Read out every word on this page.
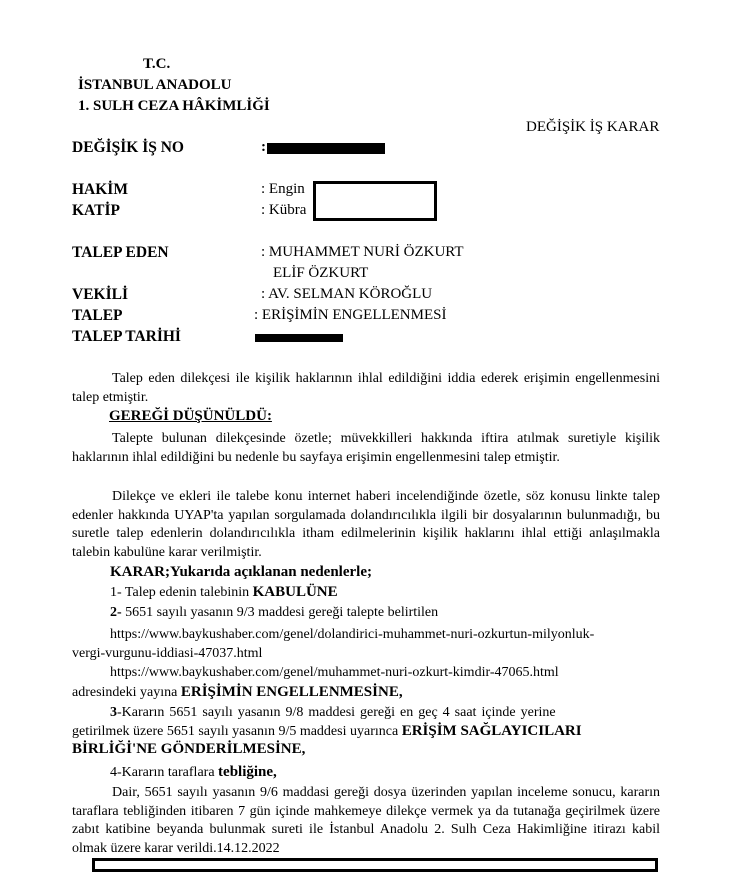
T.C.
İSTANBUL ANADOLU
1. SULH CEZA HÂKİMLİĞİ
DEĞİŞİK İŞ KARAR
DEĞİŞİK İŞ NO	:
HAKİM	: Engin
KATİP	: Kübra
TALEP EDEN	: MUHAMMET NURİ ÖZKURT
ELİF ÖZKURT
VEKİLİ	: AV. SELMAN KÖROĞLU
TALEP	: ERİŞİMİN ENGELLENMESİ
TALEP TARİHİ
Talep eden dilekçesi ile kişilik haklarının ihlal edildiğini iddia ederek erişimin engellenmesini talep etmiştir.
GEREĞİ DÜŞÜNÜLDÜ:
Talepte bulunan dilekçesinde özetle; müvekkilleri hakkında iftira atılmak suretiyle kişilik haklarının ihlal edildiğini bu nedenle bu sayfaya erişimin engellenmesini talep etmiştir.
Dilekçe ve ekleri ile talebe konu internet haberi incelendiğinde özetle, söz konusu linkte talep edenler hakkında UYAP'ta yapılan sorgulamada dolandırıcılıkla ilgili bir dosyalarının bulunmadığı, bu suretle talep edenlerin dolandırıcılıkla itham edilmelerinin kişilik haklarını ihlal ettiği anlaşılmakla talebin kabulüne karar verilmiştir.
KARAR;Yukarıda açıklanan nedenlerle;
1- Talep edenin talebinin KABULÜNE
2- 5651 sayılı yasanın 9/3 maddesi gereği talepte belirtilen
https://www.baykushaber.com/genel/dolandirici-muhammet-nuri-ozkurtun-milyonluk-
vergi-vurgunu-iddiasi-47037.html
https://www.baykushaber.com/genel/muhammet-nuri-ozkurt-kimdir-47065.html
adresindeki yayına ERİŞİMİN ENGELLENMESİNE,
3-Kararın 5651 sayılı yasanın 9/8 maddesi gereği en geç 4 saat içinde yerine
getirilmek üzere 5651 sayılı yasanın 9/5 maddesi uyarınca ERİŞİM SAĞLAYICILARI
BİRLİĞİ'NE GÖNDERİLMESİNE,
4-Kararın taraflara tebliğine,
Dair, 5651 sayılı yasanın 9/6 maddasi gereği dosya üzerinden yapılan inceleme sonucu, kararın taraflara tebliğinden itibaren 7 gün içinde mahkemeye dilekçe vermek ya da tutanağa geçirilmek üzere zabıt katibine beyanda bulunmak sureti ile İstanbul Anadolu 2. Sulh Ceza Hakimliğine itirazı kabil olmak üzere karar verildi.14.12.2022
